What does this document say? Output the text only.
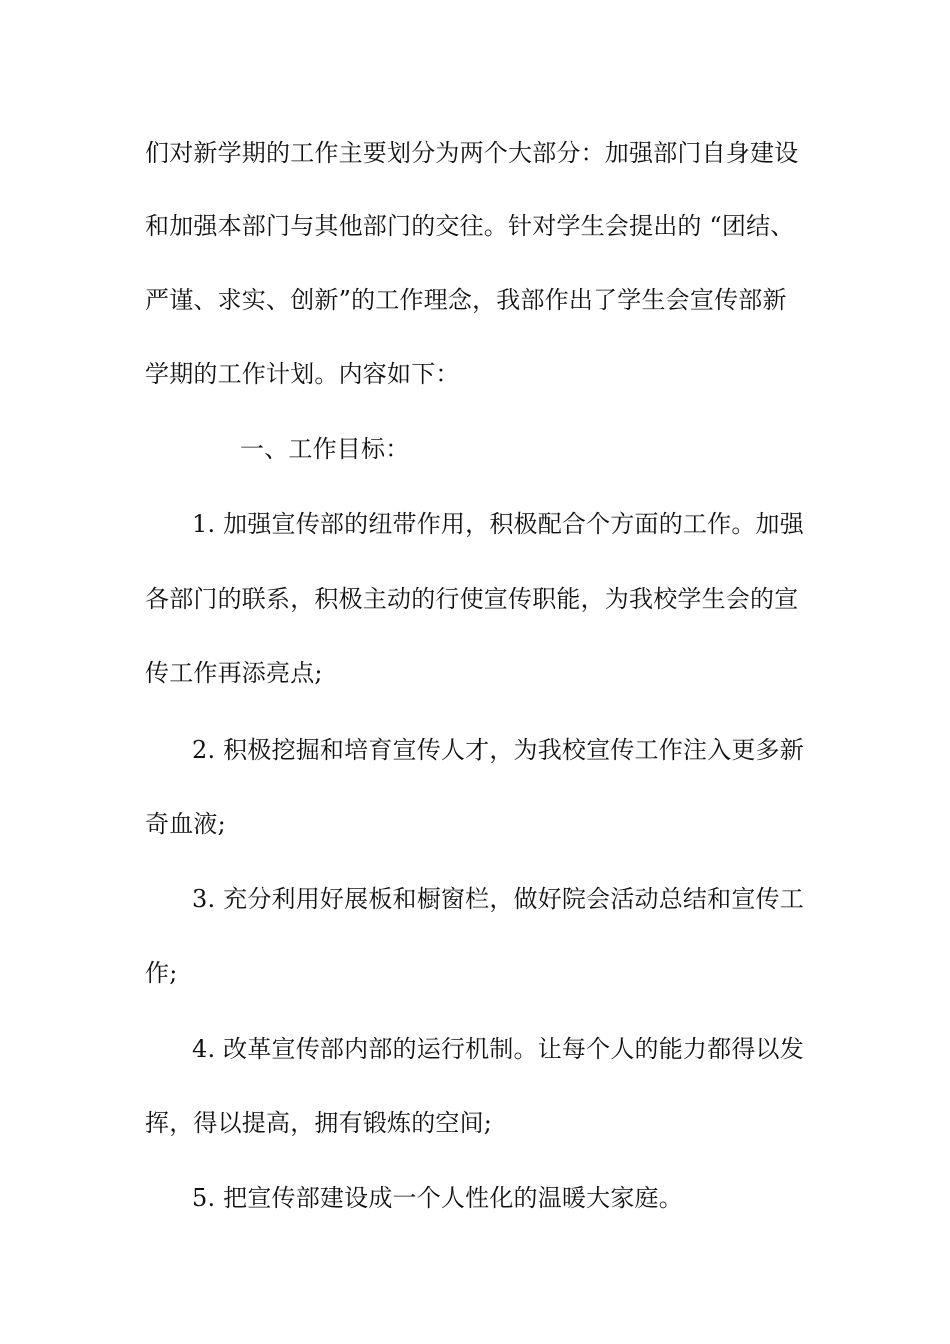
们对新学期的工作主要划分为两个大部分：加强部门自身建设
和加强本部门与其他部门的交往。针对学生会提出的 “团结、
严谨、求实、创新”的工作理念，我部作出了学生会宣传部新
学期的工作计划。内容如下：
一、工作目标：
1. 加强宣传部的纽带作用，积极配合个方面的工作。加强
各部门的联系，积极主动的行使宣传职能，为我校学生会的宣
传工作再添亮点;
2. 积极挖掘和培育宣传人才，为我校宣传工作注入更多新
奇血液;
3. 充分利用好展板和橱窗栏，做好院会活动总结和宣传工
作;
4. 改革宣传部内部的运行机制。让每个人的能力都得以发
挥，得以提高，拥有锻炼的空间;
5. 把宣传部建设成一个人性化的温暖大家庭。
